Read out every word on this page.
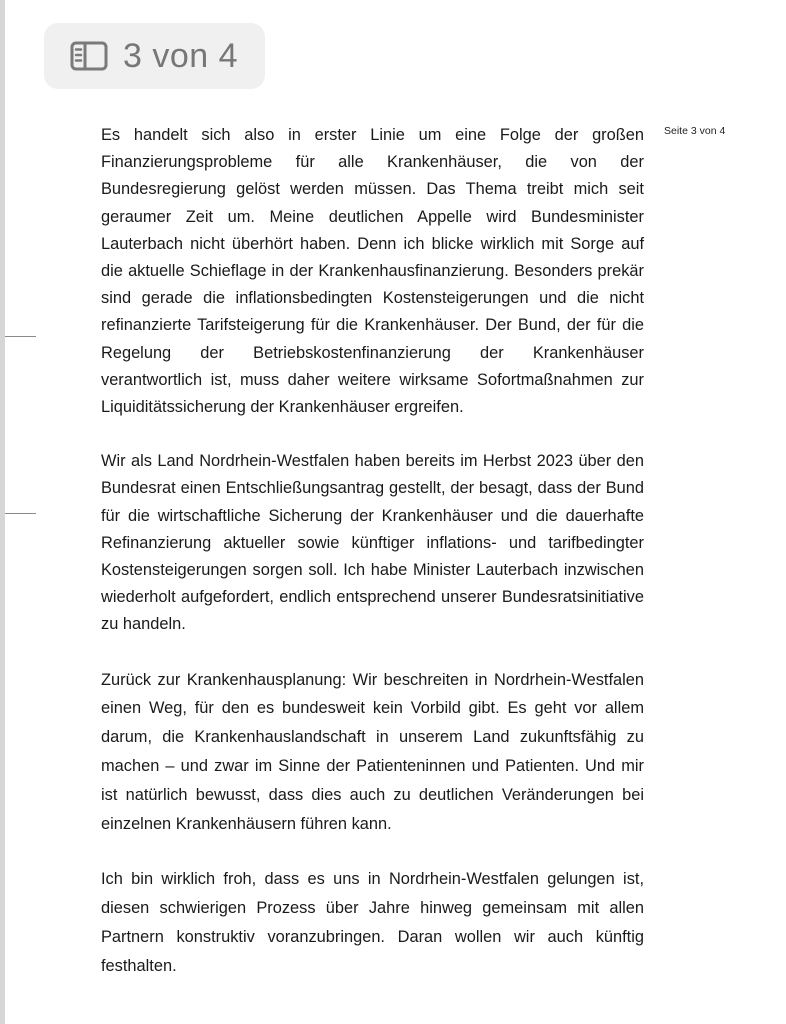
3 von 4
Seite 3 von 4

Es handelt sich also in erster Linie um eine Folge der großen Finanzierungsprobleme für alle Krankenhäuser, die von der Bundesregierung gelöst werden müssen. Das Thema treibt mich seit geraumer Zeit um. Meine deutlichen Appelle wird Bundesminister Lauterbach nicht überhört haben. Denn ich blicke wirklich mit Sorge auf die aktuelle Schieflage in der Krankenhausfinanzierung. Besonders prekär sind gerade die inflationsbedingten Kostensteigerungen und die nicht refinanzierte Tarifsteigerung für die Krankenhäuser. Der Bund, der für die Regelung der Betriebskostenfinanzierung der Krankenhäuser verantwortlich ist, muss daher weitere wirksame Sofortmaßnahmen zur Liquiditätssicherung der Krankenhäuser ergreifen.

Wir als Land Nordrhein-Westfalen haben bereits im Herbst 2023 über den Bundesrat einen Entschließungsantrag gestellt, der besagt, dass der Bund für die wirtschaftliche Sicherung der Krankenhäuser und die dauerhafte Refinanzierung aktueller sowie künftiger inflations- und tarifbedingter Kostensteigerungen sorgen soll. Ich habe Minister Lauterbach inzwischen wiederholt aufgefordert, endlich entsprechend unserer Bundesratsinitiative zu handeln.

Zurück zur Krankenhausplanung: Wir beschreiten in Nordrhein-Westfalen einen Weg, für den es bundesweit kein Vorbild gibt. Es geht vor allem darum, die Krankenhauslandschaft in unserem Land zukunftsfähig zu machen – und zwar im Sinne der Patienteninnen und Patienten. Und mir ist natürlich bewusst, dass dies auch zu deutlichen Veränderungen bei einzelnen Krankenhäusern führen kann.

Ich bin wirklich froh, dass es uns in Nordrhein-Westfalen gelungen ist, diesen schwierigen Prozess über Jahre hinweg gemeinsam mit allen Partnern konstruktiv voranzubringen. Daran wollen wir auch künftig festhalten.
